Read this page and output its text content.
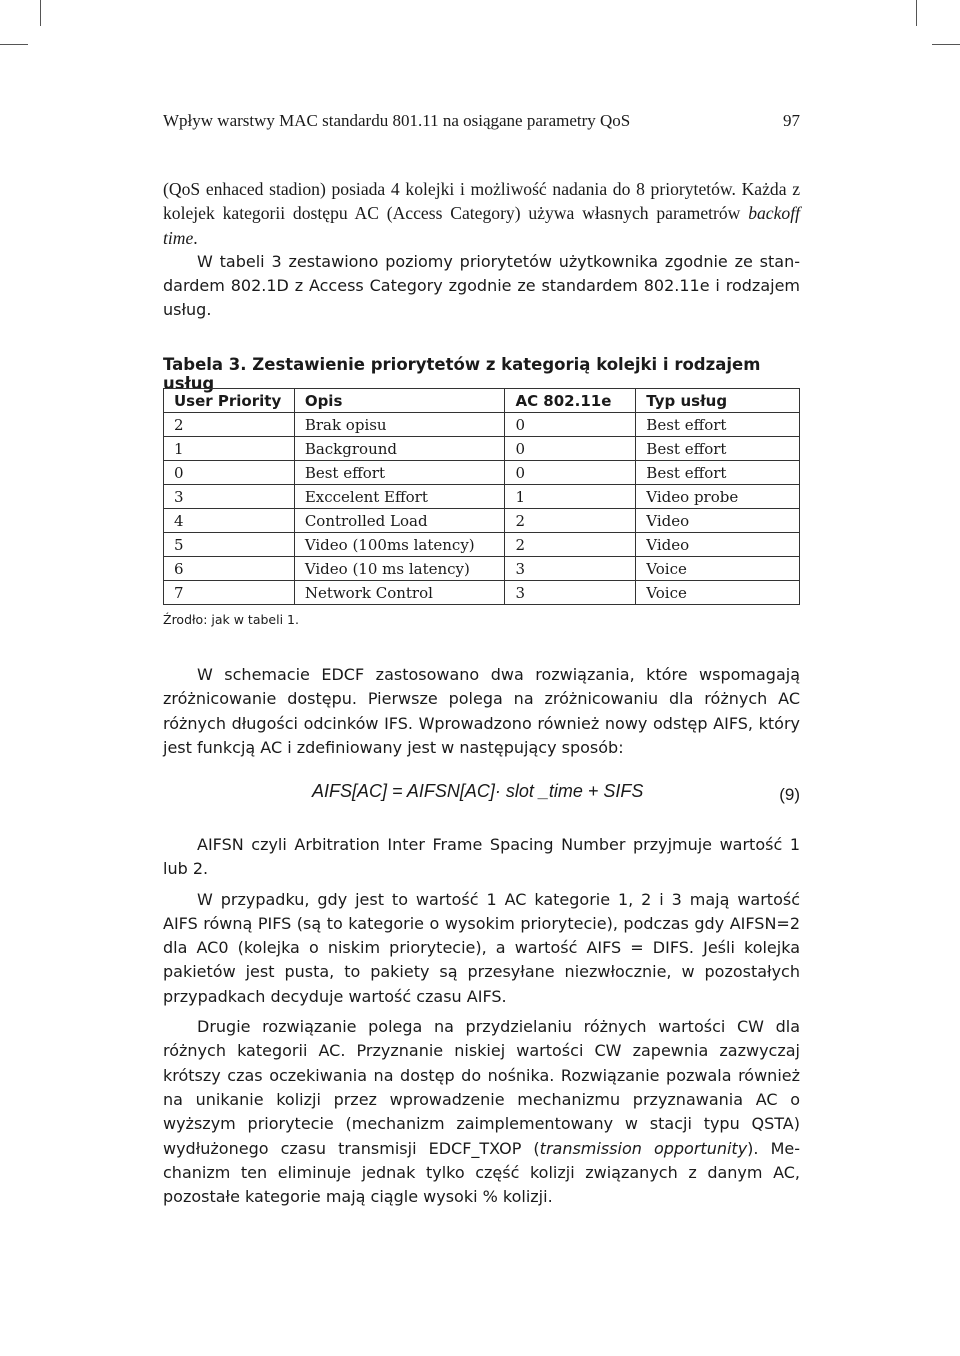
Wpływ warstwy MAC standardu 801.11 na osiągane parametry QoS	97

(QoS enhaced stadion) posiada 4 kolejki i możliwość nadania do 8 priorytetów. Każda z kolejek kategorii dostępu AC (Access Category) używa własnych parametrów backoff time.

W tabeli 3 zestawiono poziomy priorytetów użytkownika zgodnie ze standardem 802.1D z Access Category zgodnie ze standardem 802.11e i rodzajem usług.

Tabela 3. Zestawienie priorytetów z kategorią kolejki i rodzajem usług
User Priority	Opis	AC 802.11e	Typ usług
2	Brak opisu	0	Best effort
1	Background	0	Best effort
0	Best effort	0	Best effort
3	Exccelent Effort	1	Video probe
4	Controlled Load	2	Video
5	Video (100ms latency)	2	Video
6	Video (10 ms latency)	3	Voice
7	Network Control	3	Voice
Źrodło: jak w tabeli 1.

W schemacie EDCF zastosowano dwa rozwiązania, które wspomagają zróżnicowanie dostępu. Pierwsze polega na zróżnicowaniu dla różnych AC różnych długości odcinków IFS. Wprowadzono również nowy odstęp AIFS, który jest funkcją AC i zdefiniowany jest w następujący sposób:

AIFS[AC] = AIFSN[AC]· slot _time + SIFS	(9)

AIFSN czyli Arbitration Inter Frame Spacing Number przyjmuje wartość 1 lub 2.

W przypadku, gdy jest to wartość 1 AC kategorie 1, 2 i 3 mają wartość AIFS równą PIFS (są to kategorie o wysokim priorytecie), podczas gdy AIFSN=2 dla AC0 (kolejka o niskim priorytecie), a wartość AIFS = DIFS. Jeśli kolejka pakietów jest pusta, to pakiety są przesyłane niezwłocznie, w pozostałych przypadkach decyduje wartość czasu AIFS.

Drugie rozwiązanie polega na przydzielaniu różnych wartości CW dla różnych kategorii AC. Przyznanie niskiej wartości CW zapewnia zazwyczaj krótszy czas oczekiwania na dostęp do nośnika. Rozwiązanie pozwala również na unikanie kolizji przez wprowadzenie mechanizmu przyznawania AC o wyższym priorytecie (mechanizm zaimplementowany w stacji typu QSTA) wydłużonego czasu transmisji EDCF_TXOP (transmission opportunity). Mechanizm ten eliminuje jednak tylko część kolizji związanych z danym AC, pozostałe kategorie mają ciągle wysoki % kolizji.
